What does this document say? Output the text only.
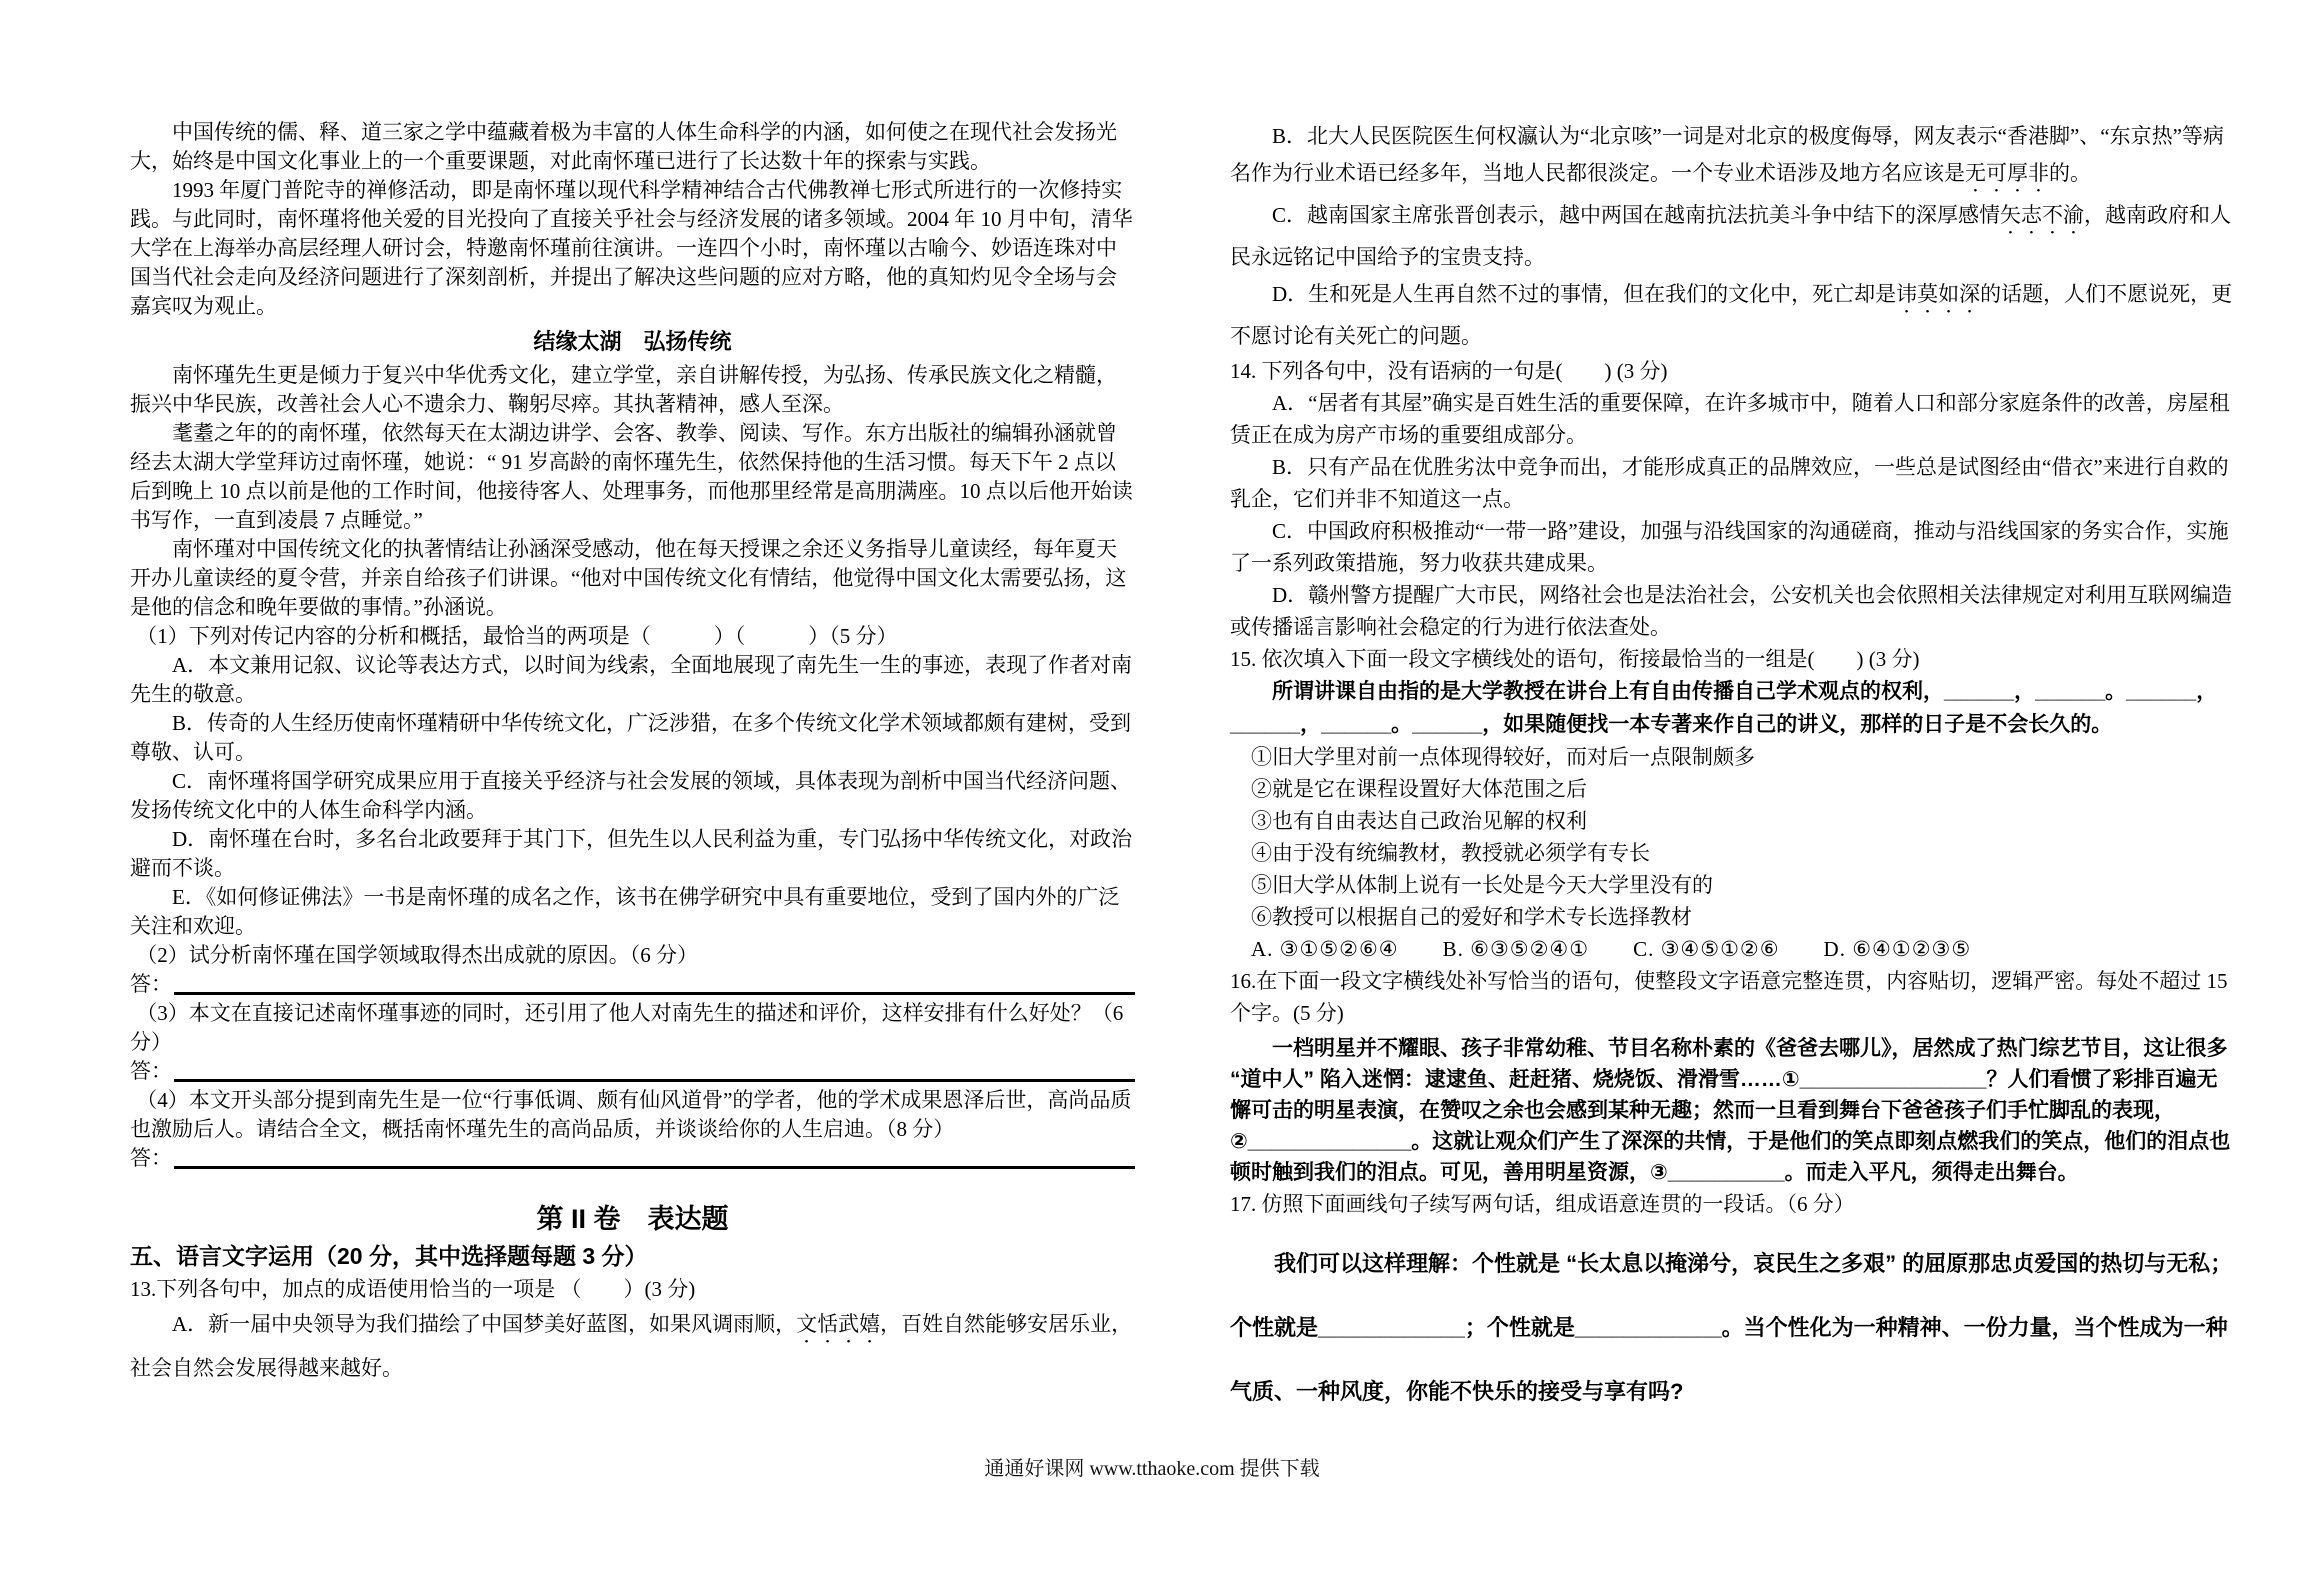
中国传统的儒、释、道三家之学中蕴藏着极为丰富的人体生命科学的内涵，如何使之在现代社会发扬光大，始终是中国文化事业上的一个重要课题，对此南怀瑾已进行了长达数十年的探索与实践。
1993 年厦门普陀寺的禅修活动，即是南怀瑾以现代科学精神结合古代佛教禅七形式所进行的一次修持实践。与此同时，南怀瑾将他关爱的目光投向了直接关乎社会与经济发展的诸多领域。2004 年 10 月中旬，清华大学在上海举办高层经理人研讨会，特邀南怀瑾前往演讲。一连四个小时，南怀瑾以古喻今、妙语连珠对中国当代社会走向及经济问题进行了深刻剖析，并提出了解决这些问题的应对方略，他的真知灼见令全场与会嘉宾叹为观止。
结缘太湖　弘扬传统
南怀瑾先生更是倾力于复兴中华优秀文化，建立学堂，亲自讲解传授，为弘扬、传承民族文化之精髓，振兴中华民族，改善社会人心不遗余力、鞠躬尽瘁。其执著精神，感人至深。
耄耋之年的的南怀瑾，依然每天在太湖边讲学、会客、教拳、阅读、写作。东方出版社的编辑孙涵就曾经去太湖大学堂拜访过南怀瑾，她说：“ 91 岁高龄的南怀瑾先生，依然保持他的生活习惯。每天下午 2 点以后到晚上 10 点以前是他的工作时间，他接待客人、处理事务，而他那里经常是高朋满座。10 点以后他开始读书写作，一直到凌晨 7 点睡觉。”
南怀瑾对中国传统文化的执著情结让孙涵深受感动，他在每天授课之余还义务指导儿童读经，每年夏天开办儿童读经的夏令营，并亲自给孩子们讲课。“他对中国传统文化有情结，他觉得中国文化太需要弘扬，这是他的信念和晚年要做的事情。”孙涵说。
（1）下列对传记内容的分析和概括，最恰当的两项是（　　　）（　　　）（5 分）
A．本文兼用记叙、议论等表达方式，以时间为线索，全面地展现了南先生一生的事迹，表现了作者对南先生的敬意。
B．传奇的人生经历使南怀瑾精研中华传统文化，广泛涉猎，在多个传统文化学术领域都颇有建树，受到尊敬、认可。
C．南怀瑾将国学研究成果应用于直接关乎经济与社会发展的领域，具体表现为剖析中国当代经济问题、发扬传统文化中的人体生命科学内涵。
D．南怀瑾在台时，多名台北政要拜于其门下，但先生以人民利益为重，专门弘扬中华传统文化，对政治避而不谈。
E．《如何修证佛法》一书是南怀瑾的成名之作，该书在佛学研究中具有重要地位，受到了国内外的广泛关注和欢迎。
（2）试分析南怀瑾在国学领域取得杰出成就的原因。（6 分）
答：
（3）本文在直接记述南怀瑾事迹的同时，还引用了他人对南先生的描述和评价，这样安排有什么好处？（6 分）
答：
（4）本文开头部分提到南先生是一位“行事低调、颇有仙风道骨”的学者，他的学术成果恩泽后世，高尚品质也激励后人。请结合全文，概括南怀瑾先生的高尚品质，并谈谈给你的人生启迪。（8 分）
答：
第 II 卷　表达题
五、语言文字运用（20 分，其中选择题每题 3 分）
13.下列各句中，加点的成语使用恰当的一项是 （　　）(3 分)
A．新一届中央领导为我们描绘了中国梦美好蓝图，如果风调雨顺，文恬武嬉，百姓自然能够安居乐业，社会自然会发展得越来越好。
B．北大人民医院医生何权瀛认为“北京咳”一词是对北京的极度侮辱，网友表示“香港脚”、“东京热”等病名作为行业术语已经多年，当地人民都很淡定。一个专业术语涉及地方名应该是无可厚非的。
C．越南国家主席张晋创表示，越中两国在越南抗法抗美斗争中结下的深厚感情矢志不渝，越南政府和人民永远铭记中国给予的宝贵支持。
D．生和死是人生再自然不过的事情，但在我们的文化中，死亡却是讳莫如深的话题，人们不愿说死，更不愿讨论有关死亡的问题。
14. 下列各句中，没有语病的一句是(　　) (3 分)
A．“居者有其屋”确实是百姓生活的重要保障，在许多城市中，随着人口和部分家庭条件的改善，房屋租赁正在成为房产市场的重要组成部分。
B．只有产品在优胜劣汰中竞争而出，才能形成真正的品牌效应，一些总是试图经由“借衣”来进行自救的乳企，它们并非不知道这一点。
C．中国政府积极推动“一带一路”建设，加强与沿线国家的沟通磋商，推动与沿线国家的务实合作，实施了一系列政策措施，努力收获共建成果。
D．赣州警方提醒广大市民，网络社会也是法治社会，公安机关也会依照相关法律规定对利用互联网编造或传播谣言影响社会稳定的行为进行依法查处。
15. 依次填入下面一段文字横线处的语句，衔接最恰当的一组是(　　) (3 分)
所谓讲课自由指的是大学教授在讲台上有自由传播自己学术观点的权利，______，______。______，______，______。______，如果随便找一本专著来作自己的讲义，那样的日子是不会长久的。
①旧大学里对前一点体现得较好，而对后一点限制颇多
②就是它在课程设置好大体范围之后
③也有自由表达自己政治见解的权利
④由于没有统编教材，教授就必须学有专长
⑤旧大学从体制上说有一长处是今天大学里没有的
⑥教授可以根据自己的爱好和学术专长选择教材
A. ③①⑤②⑥④　　B. ⑥③⑤②④①　　C. ③④⑤①②⑥　　D. ⑥④①②③⑤
16.在下面一段文字横线处补写恰当的语句，使整段文字语意完整连贯，内容贴切，逻辑严密。每处不超过 15 个字。(5 分)
一档明星并不耀眼、孩子非常幼稚、节目名称朴素的《爸爸去哪儿》，居然成了热门综艺节目，这让很多 “道中人” 陷入迷惘：逮逮鱼、赶赶猪、烧烧饭、滑滑雪……①________________？人们看惯了彩排百遍无懈可击的明星表演，在赞叹之余也会感到某种无趣；然而一旦看到舞台下爸爸孩子们手忙脚乱的表现，②______________。这就让观众们产生了深深的共情，于是他们的笑点即刻点燃我们的笑点，他们的泪点也顿时触到我们的泪点。可见，善用明星资源，③__________。而走入平凡，须得走出舞台。
17. 仿照下面画线句子续写两句话，组成语意连贯的一段话。（6 分）
我们可以这样理解：个性就是 “长太息以掩涕兮，哀民生之多艰” 的屈原那忠贞爱国的热切与无私；个性就是____________；个性就是____________。当个性化为一种精神、一份力量，当个性成为一种气质、一种风度，你能不快乐的接受与享有吗?
通通好课网 www.tthaoke.com 提供下载
